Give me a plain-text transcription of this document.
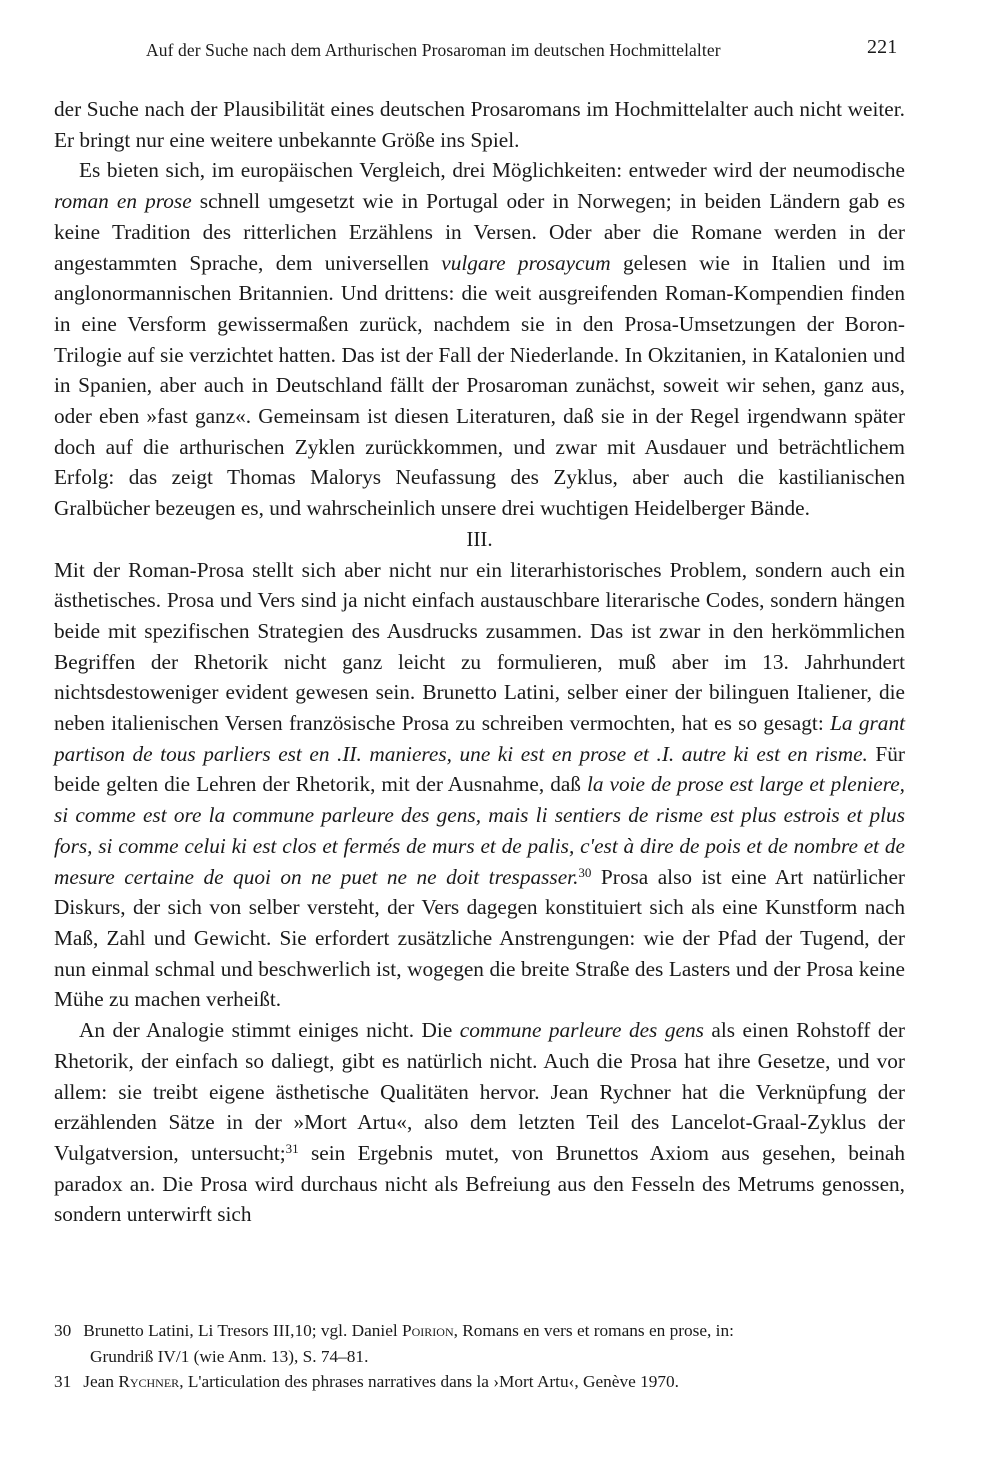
Auf der Suche nach dem Arthurischen Prosaroman im deutschen Hochmittelalter	221

der Suche nach der Plausibilität eines deutschen Prosaromans im Hochmittelalter auch nicht weiter. Er bringt nur eine weitere unbekannte Größe ins Spiel.

Es bieten sich, im europäischen Vergleich, drei Möglichkeiten: entweder wird der neumodische roman en prose schnell umgesetzt wie in Portugal oder in Norwegen; in beiden Ländern gab es keine Tradition des ritterlichen Erzählens in Versen. Oder aber die Romane werden in der angestammten Sprache, dem universellen vulgare prosaycum gelesen wie in Italien und im anglonormannischen Britannien. Und drittens: die weit ausgreifenden Roman-Kompendien finden in eine Versform gewissermaßen zurück, nachdem sie in den Prosa-Umsetzungen der Boron-Trilogie auf sie verzichtet hatten. Das ist der Fall der Niederlande. In Okzitanien, in Katalonien und in Spanien, aber auch in Deutschland fällt der Prosaroman zunächst, soweit wir sehen, ganz aus, oder eben »fast ganz«. Gemeinsam ist diesen Literaturen, daß sie in der Regel irgendwann später doch auf die arthurischen Zyklen zurückkommen, und zwar mit Ausdauer und beträchtlichem Erfolg: das zeigt Thomas Malorys Neufassung des Zyklus, aber auch die kastilianischen Gralbücher bezeugen es, und wahrscheinlich unsere drei wuchtigen Heidelberger Bände.

III.

Mit der Roman-Prosa stellt sich aber nicht nur ein literarhistorisches Problem, sondern auch ein ästhetisches. Prosa und Vers sind ja nicht einfach austauschbare literarische Codes, sondern hängen beide mit spezifischen Strategien des Ausdrucks zusammen. Das ist zwar in den herkömmlichen Begriffen der Rhetorik nicht ganz leicht zu formulieren, muß aber im 13. Jahrhundert nichtsdestoweniger evident gewesen sein. Brunetto Latini, selber einer der bilinguen Italiener, die neben italienischen Versen französische Prosa zu schreiben vermochten, hat es so gesagt: La grant partison de tous parliers est en .II. manieres, une ki est en prose et .I. autre ki est en risme. Für beide gelten die Lehren der Rhetorik, mit der Ausnahme, daß la voie de prose est large et pleniere, si comme est ore la commune parleure des gens, mais li sentiers de risme est plus estrois et plus fors, si comme celui ki est clos et fermés de murs et de palis, c'est à dire de pois et de nombre et de mesure certaine de quoi on ne puet ne ne doit trespasser.$^{30}$ Prosa also ist eine Art natürlicher Diskurs, der sich von selber versteht, der Vers dagegen konstituiert sich als eine Kunstform nach Maß, Zahl und Gewicht. Sie erfordert zusätzliche Anstrengungen: wie der Pfad der Tugend, der nun einmal schmal und beschwerlich ist, wogegen die breite Straße des Lasters und der Prosa keine Mühe zu machen verheißt.

An der Analogie stimmt einiges nicht. Die commune parleure des gens als einen Rohstoff der Rhetorik, der einfach so daliegt, gibt es natürlich nicht. Auch die Prosa hat ihre Gesetze, und vor allem: sie treibt eigene ästhetische Qualitäten hervor. Jean Rychner hat die Verknüpfung der erzählenden Sätze in der »Mort Artu«, also dem letzten Teil des Lancelot-Graal-Zyklus der Vulgatversion, untersucht;$^{31}$ sein Ergebnis mutet, von Brunettos Axiom aus gesehen, beinah paradox an. Die Prosa wird durchaus nicht als Befreiung aus den Fesseln des Metrums genossen, sondern unterwirft sich

30 Brunetto Latini, Li Tresors III,10; vgl. Daniel Poirion, Romans en vers et romans en prose, in:
Grundriß IV/1 (wie Anm. 13), S. 74–81.
31 Jean Rychner, L'articulation des phrases narratives dans la ›Mort Artu‹, Genève 1970.
